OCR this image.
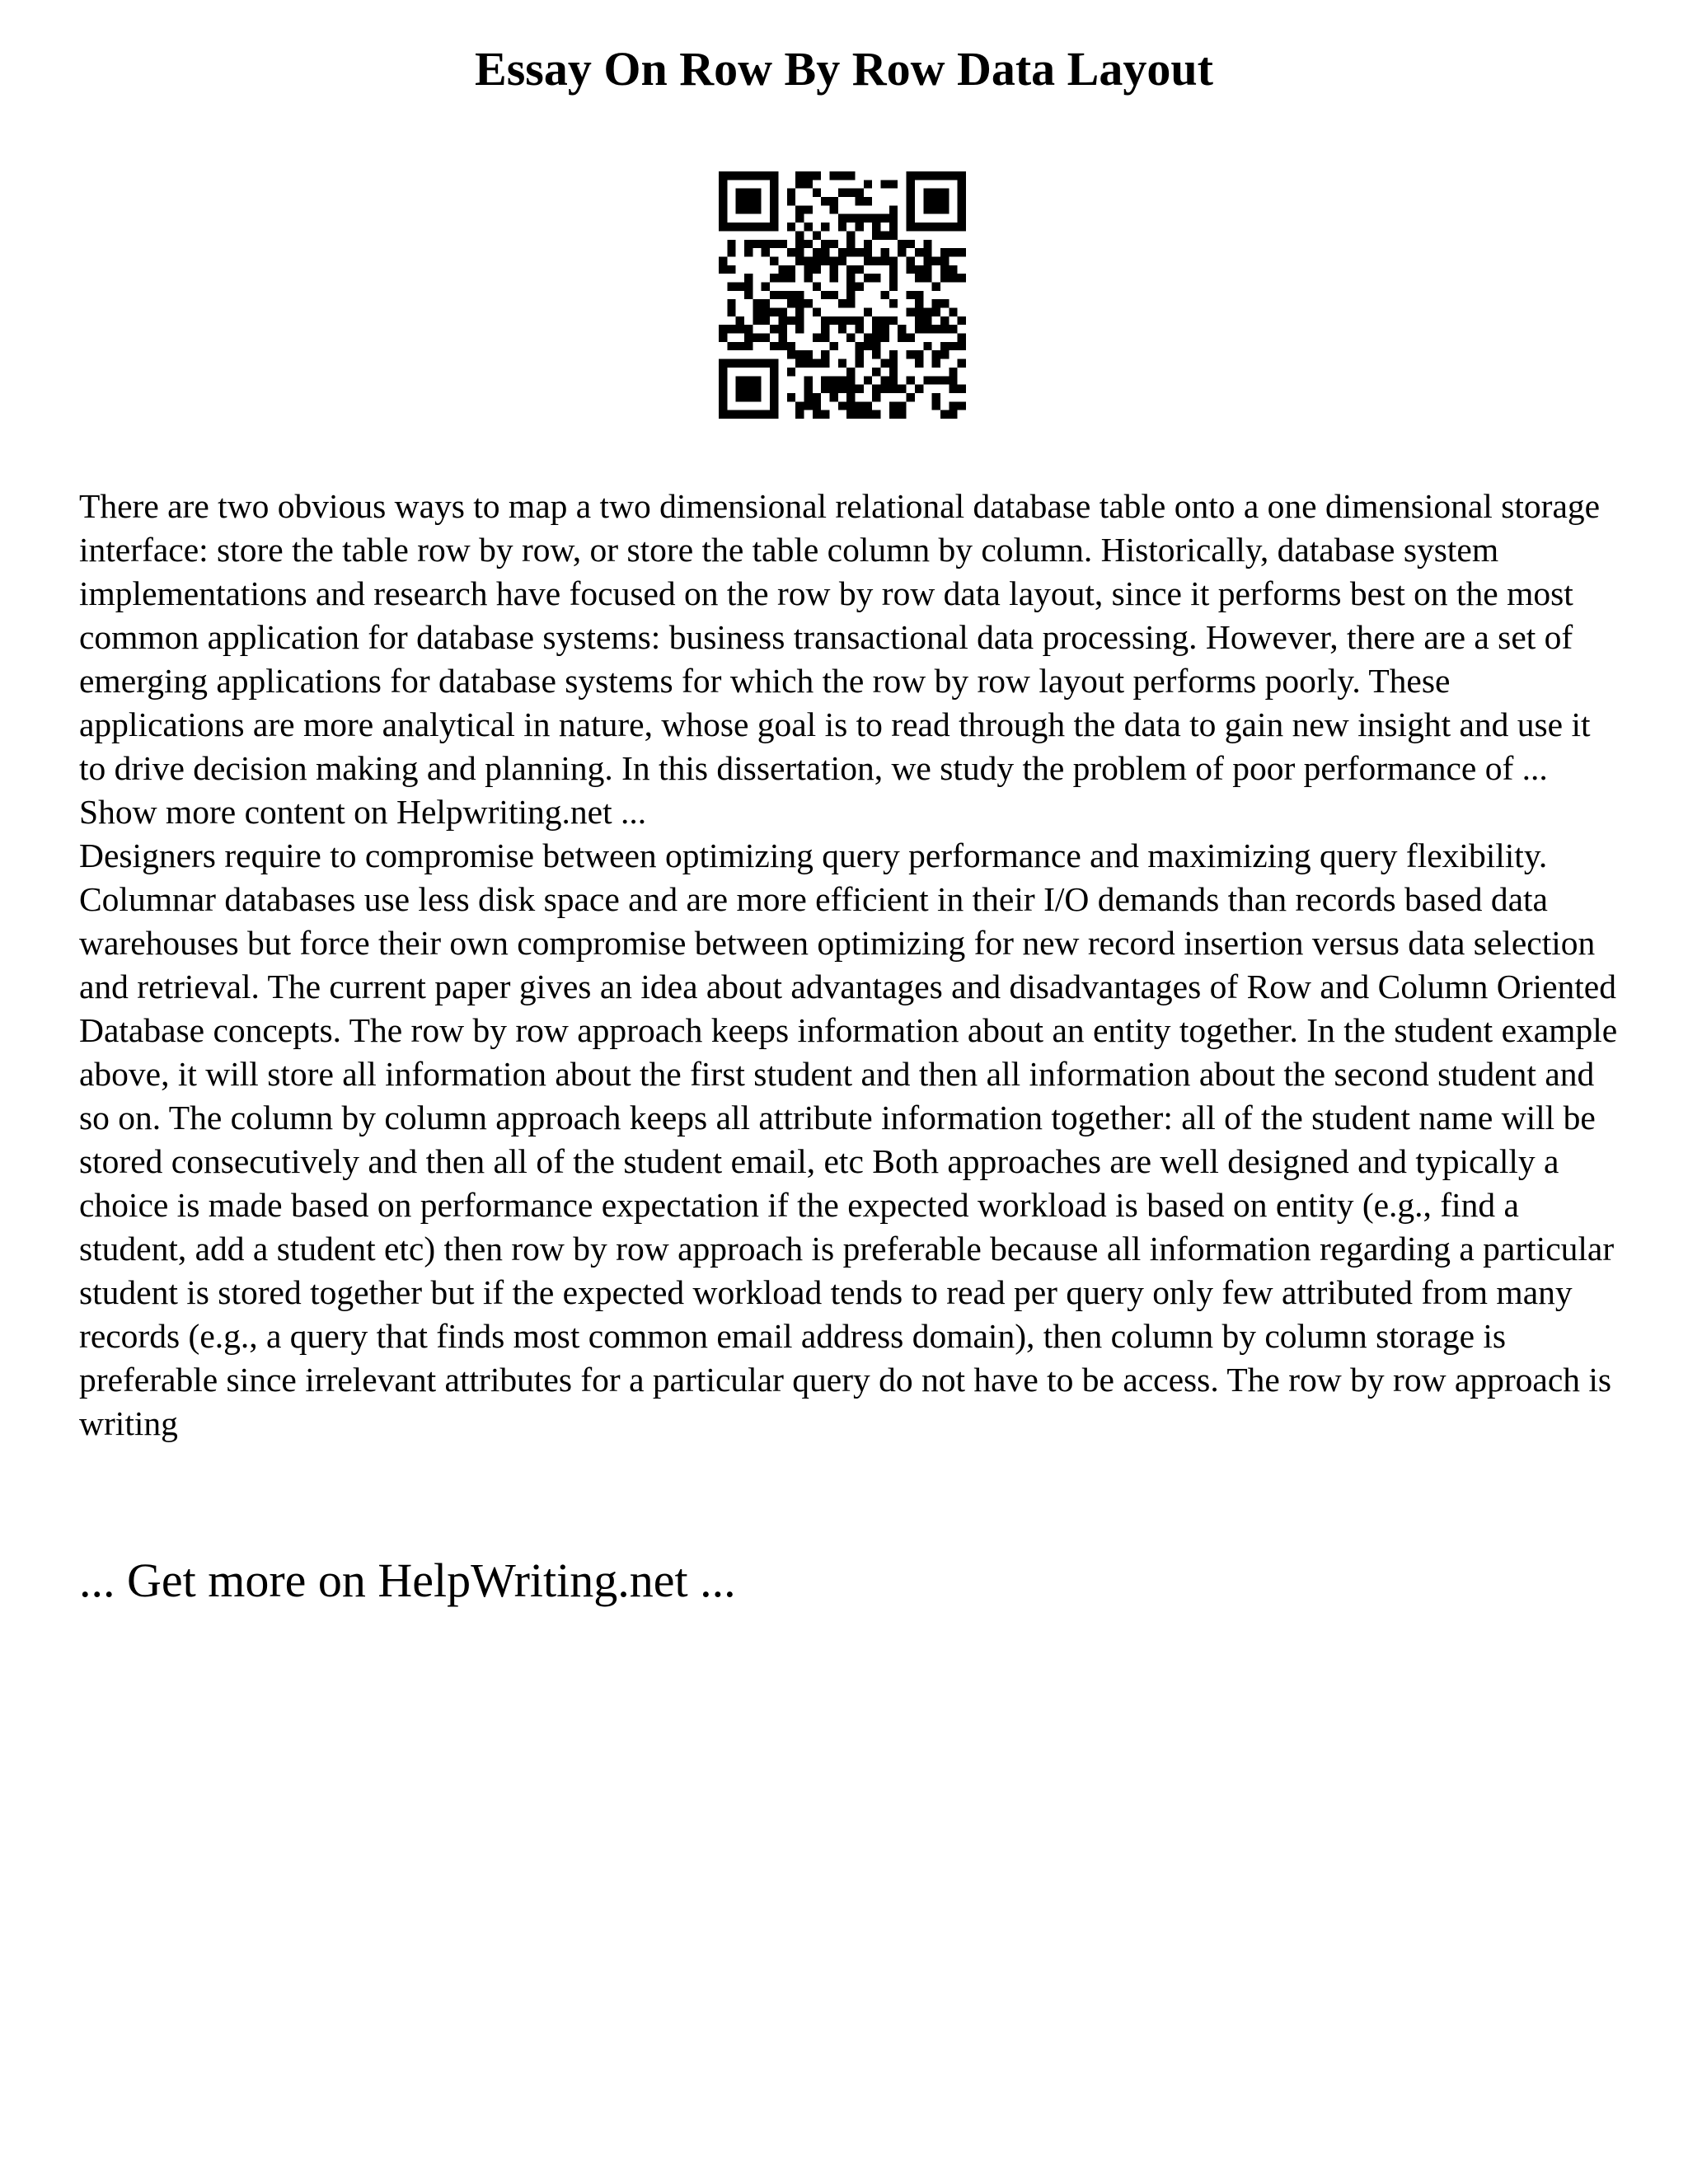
Essay On Row By Row Data Layout

There are two obvious ways to map a two dimensional relational database table onto a one dimensional storage interface: store the table row by row, or store the table column by column. Historically, database system implementations and research have focused on the row by row data layout, since it performs best on the most common application for database systems: business transactional data processing. However, there are a set of emerging applications for database systems for which the row by row layout performs poorly. These applications are more analytical in nature, whose goal is to read through the data to gain new insight and use it to drive decision making and planning. In this dissertation, we study the problem of poor performance of ... Show more content on Helpwriting.net ...

Designers require to compromise between optimizing query performance and maximizing query flexibility. Columnar databases use less disk space and are more efficient in their I/O demands than records based data warehouses but force their own compromise between optimizing for new record insertion versus data selection and retrieval. The current paper gives an idea about advantages and disadvantages of Row and Column Oriented Database concepts. The row by row approach keeps information about an entity together. In the student example above, it will store all information about the first student and then all information about the second student and so on. The column by column approach keeps all attribute information together: all of the student name will be stored consecutively and then all of the student email, etc Both approaches are well designed and typically a choice is made based on performance expectation if the expected workload is based on entity (e.g., find a student, add a student etc) then row by row approach is preferable because all information regarding a particular student is stored together but if the expected workload tends to read per query only few attributed from many records (e.g., a query that finds most common email address domain), then column by column storage is preferable since irrelevant attributes for a particular query do not have to be access. The row by row approach is writing

... Get more on HelpWriting.net ...
